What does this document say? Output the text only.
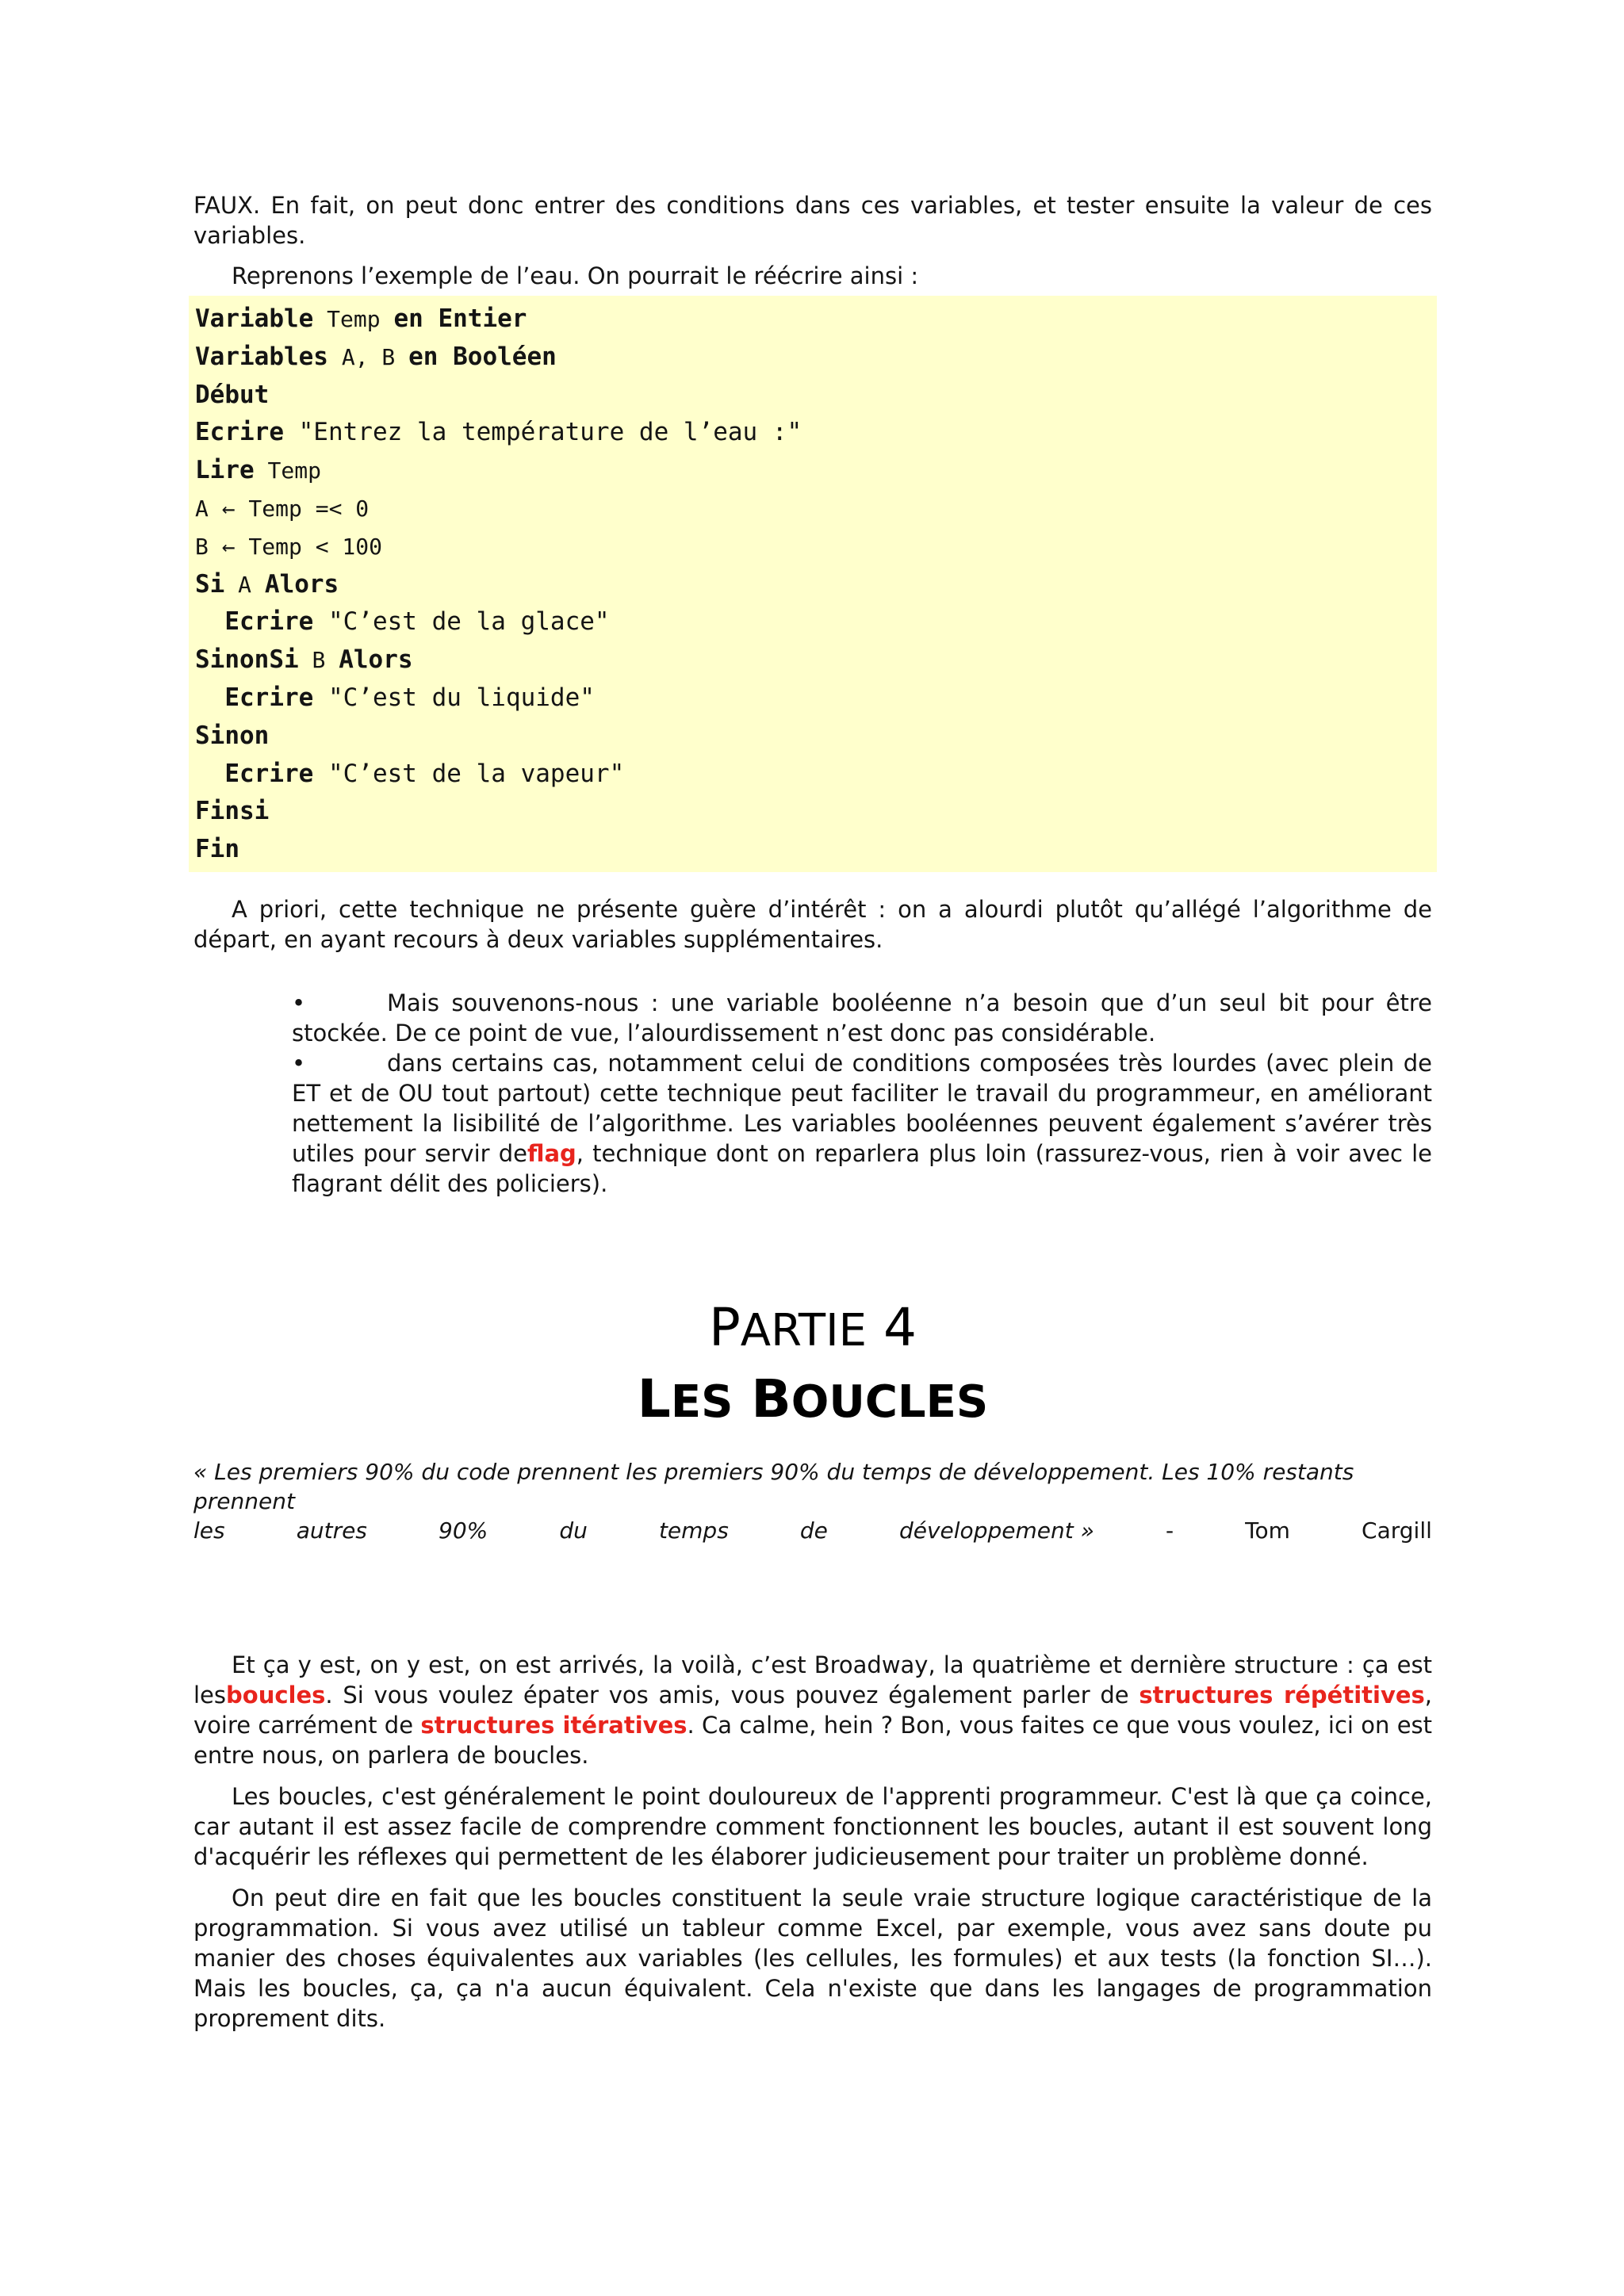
FAUX. En fait, on peut donc entrer des conditions dans ces variables, et tester ensuite la valeur de ces variables.

Reprenons l’exemple de l’eau. On pourrait le réécrire ainsi :

Variable Temp en Entier
Variables A, B en Booléen
Début
Ecrire "Entrez la température de l’eau :"
Lire Temp
A ← Temp =< 0
B ← Temp < 100
Si A Alors
Ecrire "C’est de la glace"
SinonSi B Alors
Ecrire "C’est du liquide"
Sinon
Ecrire "C’est de la vapeur"
Finsi
Fin

A priori, cette technique ne présente guère d’intérêt : on a alourdi plutôt qu’allégé l’algorithme de départ, en ayant recours à deux variables supplémentaires.

•	Mais souvenons-nous : une variable booléenne n’a besoin que d’un seul bit pour être stockée. De ce point de vue, l’alourdissement n’est donc pas considérable.

•	dans certains cas, notamment celui de conditions composées très lourdes (avec plein de ET et de OU tout partout) cette technique peut faciliter le travail du programmeur, en améliorant nettement la lisibilité de l’algorithme. Les variables booléennes peuvent également s’avérer très utiles pour servir deflag, technique dont on reparlera plus loin (rassurez-vous, rien à voir avec le flagrant délit des policiers).

PARTIE 4
LES BOUCLES

« Les premiers 90% du code prennent les premiers 90% du temps de développement. Les 10% restants prennent

les	autres	90%	du	temps	de	développement »	-	Tom	Cargill

Et ça y est, on y est, on est arrivés, la voilà, c’est Broadway, la quatrième et dernière structure : ça est lesboucles. Si vous voulez épater vos amis, vous pouvez également parler de structures répétitives, voire carrément de structures itératives. Ca calme, hein ? Bon, vous faites ce que vous voulez, ici on est entre nous, on parlera de boucles.

Les boucles, c'est généralement le point douloureux de l'apprenti programmeur. C'est là que ça coince, car autant il est assez facile de comprendre comment fonctionnent les boucles, autant il est souvent long d'acquérir les réflexes qui permettent de les élaborer judicieusement pour traiter un problème donné.

On peut dire en fait que les boucles constituent la seule vraie structure logique caractéristique de la programmation. Si vous avez utilisé un tableur comme Excel, par exemple, vous avez sans doute pu manier des choses équivalentes aux variables (les cellules, les formules) et aux tests (la fonction SI…). Mais les boucles, ça, ça n'a aucun équivalent. Cela n'existe que dans les langages de programmation proprement dits.
